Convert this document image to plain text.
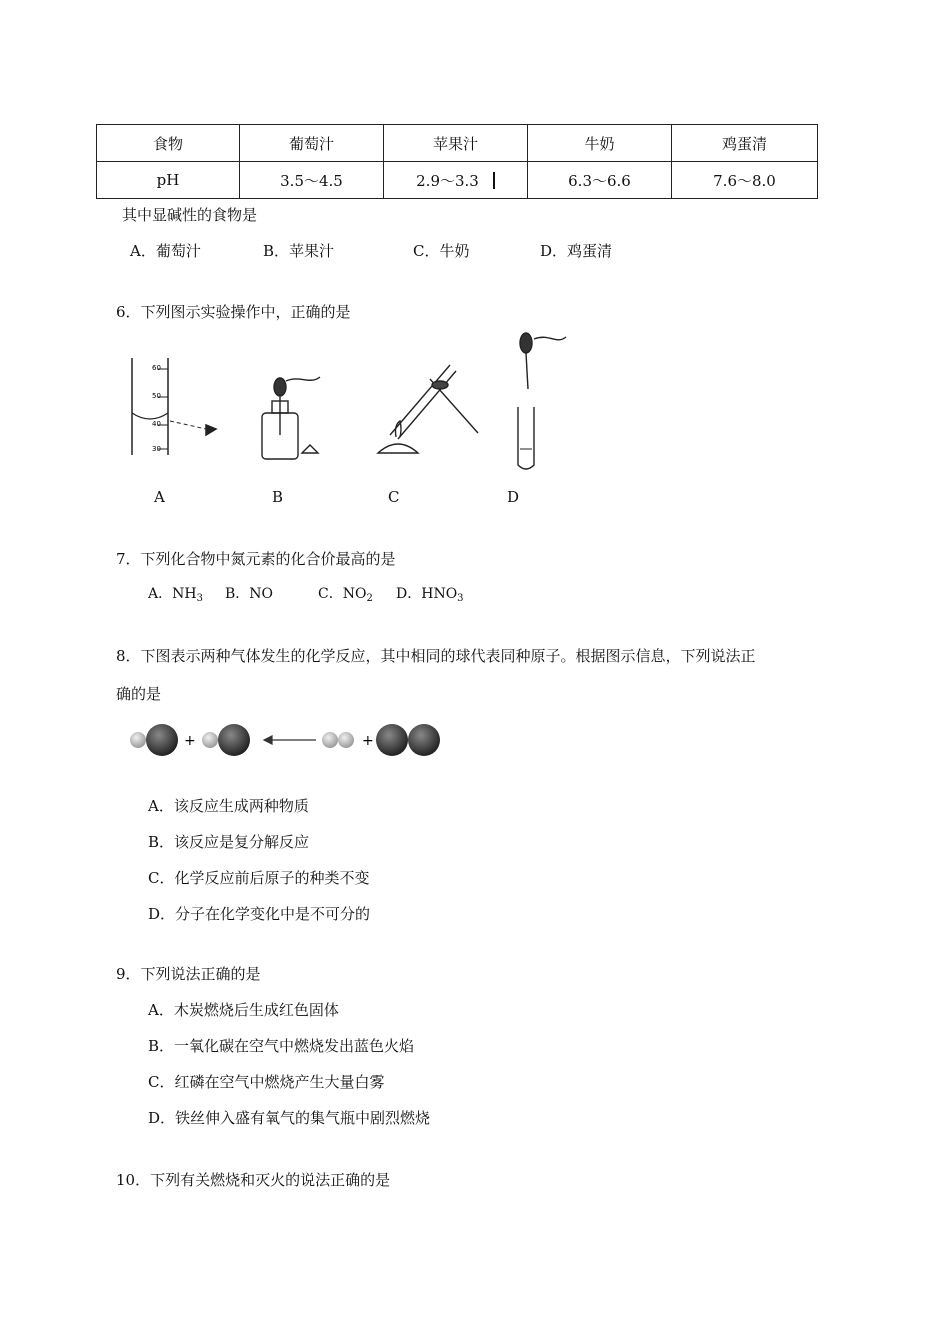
食物	葡萄汁	苹果汁	牛奶	鸡蛋清
pH	3.5～4.5	2.9～3.3	6.3～6.6	7.6～8.0
其中显碱性的食物是
A．葡萄汁	B．苹果汁	C．牛奶	D．鸡蛋清
6．下列图示实验操作中，正确的是
60
50
40
30
A	B	C	D
7．下列化合物中氮元素的化合价最高的是
A．$NH_3$ B．NO	C．$NO_2$ D．$HNO_3$
8．下图表示两种气体发生的化学反应，其中相同的球代表同种原子。根据图示信息，下列说法正
确的是
+	+
A．该反应生成两种物质
B．该反应是复分解反应
C．化学反应前后原子的种类不变
D．分子在化学变化中是不可分的
9．下列说法正确的是
A．木炭燃烧后生成红色固体
B．一氧化碳在空气中燃烧发出蓝色火焰
C．红磷在空气中燃烧产生大量白雾
D．铁丝伸入盛有氧气的集气瓶中剧烈燃烧
10．下列有关燃烧和灭火的说法正确的是
